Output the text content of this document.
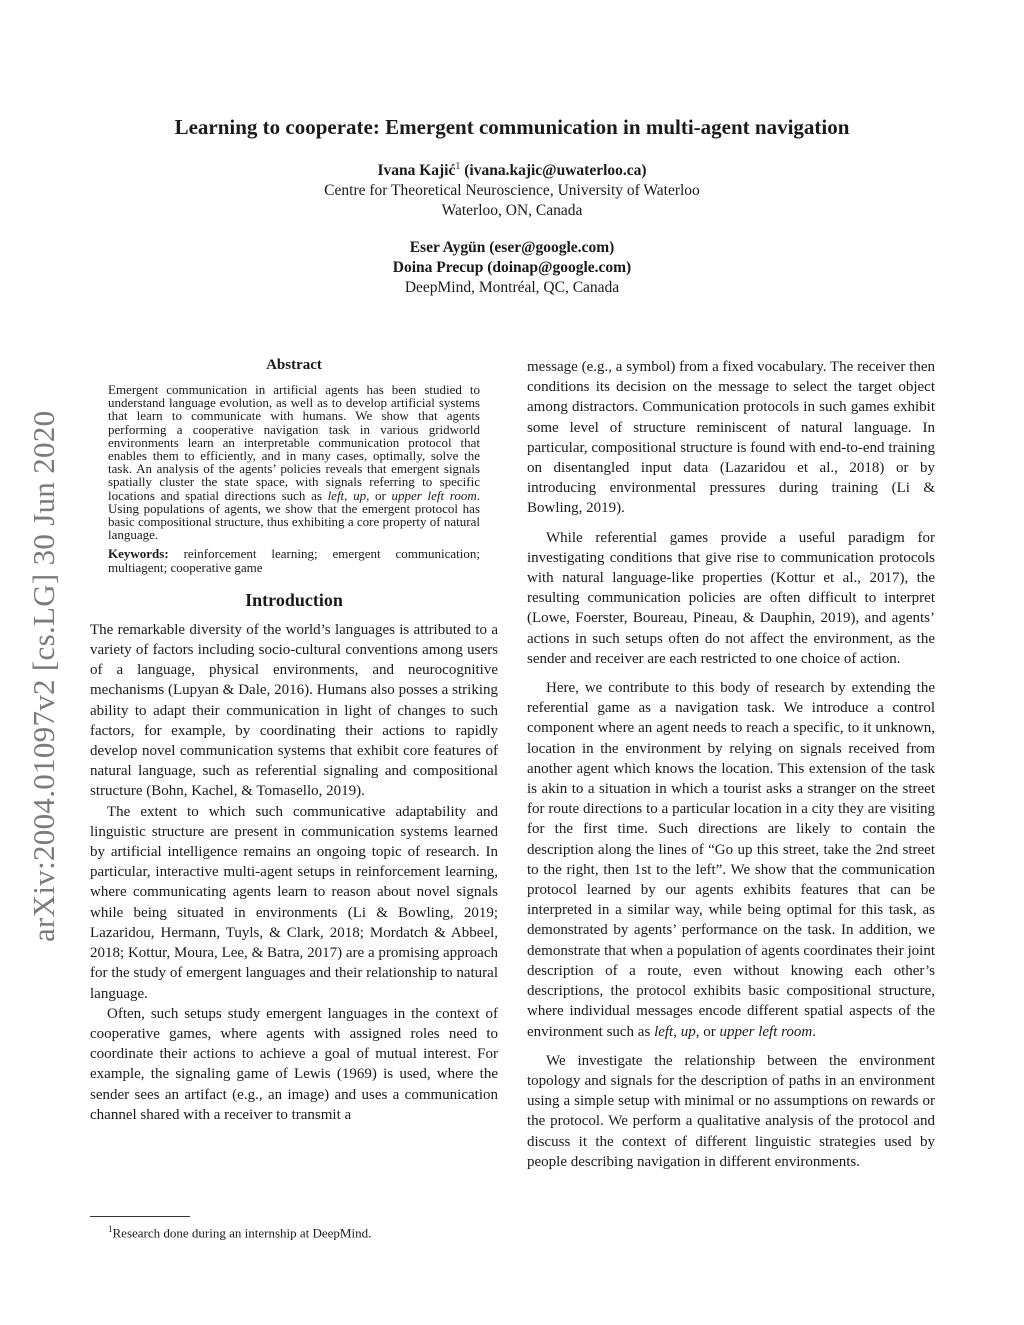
arXiv:2004.01097v2 [cs.LG] 30 Jun 2020
Learning to cooperate: Emergent communication in multi-agent navigation
Ivana Kajić$^1$ (ivana.kajic@uwaterloo.ca)
Centre for Theoretical Neuroscience, University of Waterloo
Waterloo, ON, Canada
Eser Aygün (eser@google.com)
Doina Precup (doinap@google.com)
DeepMind, Montréal, QC, Canada
Abstract
Emergent communication in artificial agents has been studied to understand language evolution, as well as to develop artificial systems that learn to communicate with humans. We show that agents performing a cooperative navigation task in various gridworld environments learn an interpretable communication protocol that enables them to efficiently, and in many cases, optimally, solve the task. An analysis of the agents’ policies reveals that emergent signals spatially cluster the state space, with signals referring to specific locations and spatial directions such as left, up, or upper left room. Using populations of agents, we show that the emergent protocol has basic compositional structure, thus exhibiting a core property of natural language.
Keywords: reinforcement learning; emergent communication; multiagent; cooperative game
Introduction

The remarkable diversity of the world’s languages is attributed to a variety of factors including socio-cultural conventions among users of a language, physical environments, and neurocognitive mechanisms (Lupyan & Dale, 2016). Humans also posses a striking ability to adapt their communication in light of changes to such factors, for example, by coordinating their actions to rapidly develop novel communication systems that exhibit core features of natural language, such as referential signaling and compositional structure (Bohn, Kachel, & Tomasello, 2019).

The extent to which such communicative adaptability and linguistic structure are present in communication systems learned by artificial intelligence remains an ongoing topic of research. In particular, interactive multi-agent setups in reinforcement learning, where communicating agents learn to reason about novel signals while being situated in environments (Li & Bowling, 2019; Lazaridou, Hermann, Tuyls, & Clark, 2018; Mordatch & Abbeel, 2018; Kottur, Moura, Lee, & Batra, 2017) are a promising approach for the study of emergent languages and their relationship to natural language.

Often, such setups study emergent languages in the context of cooperative games, where agents with assigned roles need to coordinate their actions to achieve a goal of mutual interest. For example, the signaling game of Lewis (1969) is used, where the sender sees an artifact (e.g., an image) and uses a communication channel shared with a receiver to transmit a

message (e.g., a symbol) from a fixed vocabulary. The receiver then conditions its decision on the message to select the target object among distractors. Communication protocols in such games exhibit some level of structure reminiscent of natural language. In particular, compositional structure is found with end-to-end training on disentangled input data (Lazaridou et al., 2018) or by introducing environmental pressures during training (Li & Bowling, 2019).

While referential games provide a useful paradigm for investigating conditions that give rise to communication protocols with natural language-like properties (Kottur et al., 2017), the resulting communication policies are often difficult to interpret (Lowe, Foerster, Boureau, Pineau, & Dauphin, 2019), and agents’ actions in such setups often do not affect the environment, as the sender and receiver are each restricted to one choice of action.

Here, we contribute to this body of research by extending the referential game as a navigation task. We introduce a control component where an agent needs to reach a specific, to it unknown, location in the environment by relying on signals received from another agent which knows the location. This extension of the task is akin to a situation in which a tourist asks a stranger on the street for route directions to a particular location in a city they are visiting for the first time. Such directions are likely to contain the description along the lines of “Go up this street, take the 2nd street to the right, then 1st to the left”. We show that the communication protocol learned by our agents exhibits features that can be interpreted in a similar way, while being optimal for this task, as demonstrated by agents’ performance on the task. In addition, we demonstrate that when a population of agents coordinates their joint description of a route, even without knowing each other’s descriptions, the protocol exhibits basic compositional structure, where individual messages encode different spatial aspects of the environment such as left, up, or upper left room.

We investigate the relationship between the environment topology and signals for the description of paths in an environment using a simple setup with minimal or no assumptions on rewards or the protocol. We perform a qualitative analysis of the protocol and discuss it the context of different linguistic strategies used by people describing navigation in different environments.

$^1$Research done during an internship at DeepMind.
